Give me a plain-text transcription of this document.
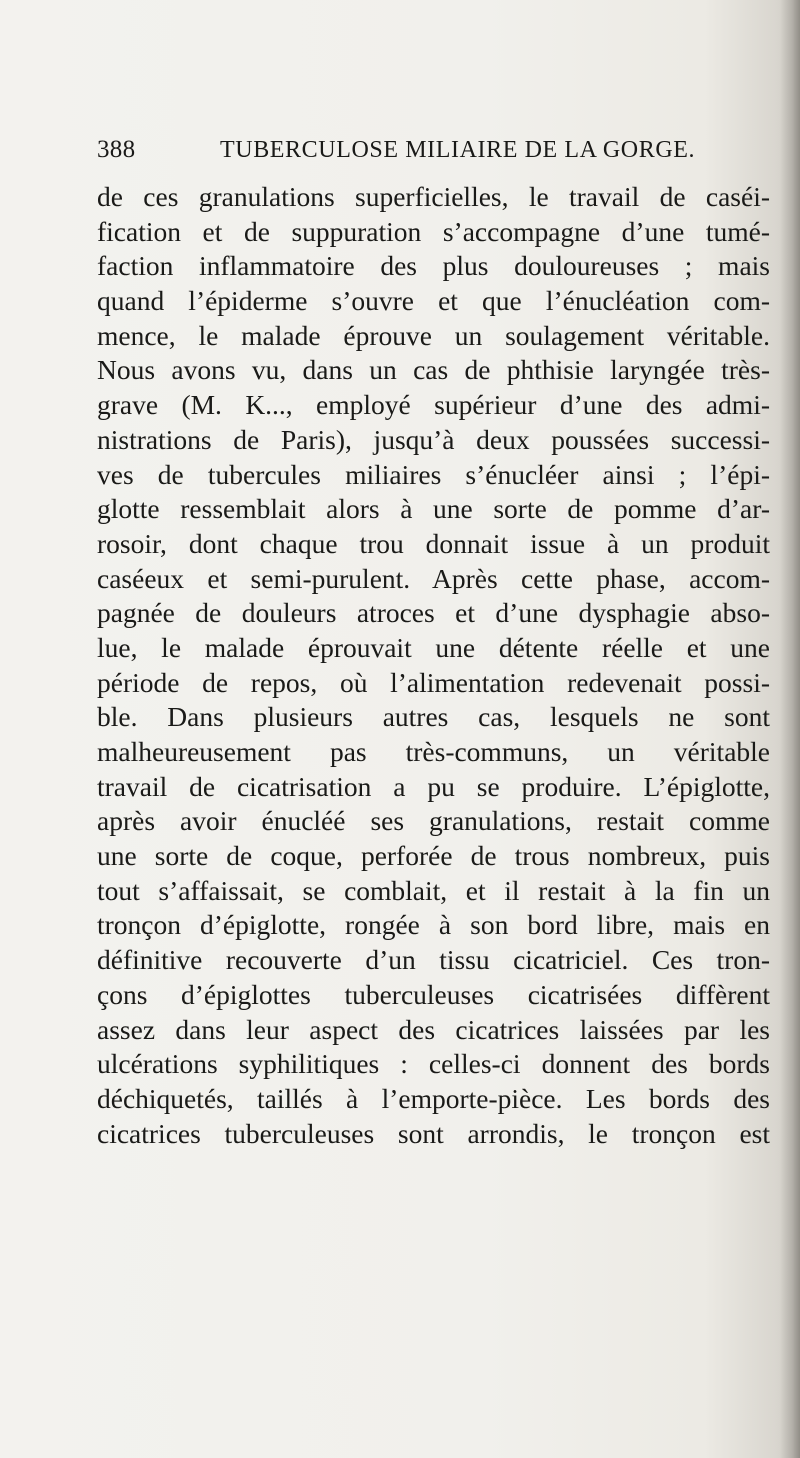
388	TUBERCULOSE MILIAIRE DE LA GORGE.
de ces granulations superficielles, le travail de caséi-
fication et de suppuration s’accompagne d’une tumé-
faction inflammatoire des plus douloureuses ; mais
quand l’épiderme s’ouvre et que l’énucléation com-
mence, le malade éprouve un soulagement véritable.
Nous avons vu, dans un cas de phthisie laryngée très-
grave (M. K..., employé supérieur d’une des admi-
nistrations de Paris), jusqu’à deux poussées successi-
ves de tubercules miliaires s’énucléer ainsi ; l’épi-
glotte ressemblait alors à une sorte de pomme d’ar-
rosoir, dont chaque trou donnait issue à un produit
caséeux et semi-purulent. Après cette phase, accom-
pagnée de douleurs atroces et d’une dysphagie abso-
lue, le malade éprouvait une détente réelle et une
période de repos, où l’alimentation redevenait possi-
ble. Dans plusieurs autres cas, lesquels ne sont
malheureusement pas très-communs, un véritable
travail de cicatrisation a pu se produire. L’épiglotte,
après avoir énucléé ses granulations, restait comme
une sorte de coque, perforée de trous nombreux, puis
tout s’affaissait, se comblait, et il restait à la fin un
tronçon d’épiglotte, rongée à son bord libre, mais en
définitive recouverte d’un tissu cicatriciel. Ces tron-
çons d’épiglottes tuberculeuses cicatrisées diffèrent
assez dans leur aspect des cicatrices laissées par les
ulcérations syphilitiques : celles-ci donnent des bords
déchiquetés, taillés à l’emporte-pièce. Les bords des
cicatrices tuberculeuses sont arrondis, le tronçon est
